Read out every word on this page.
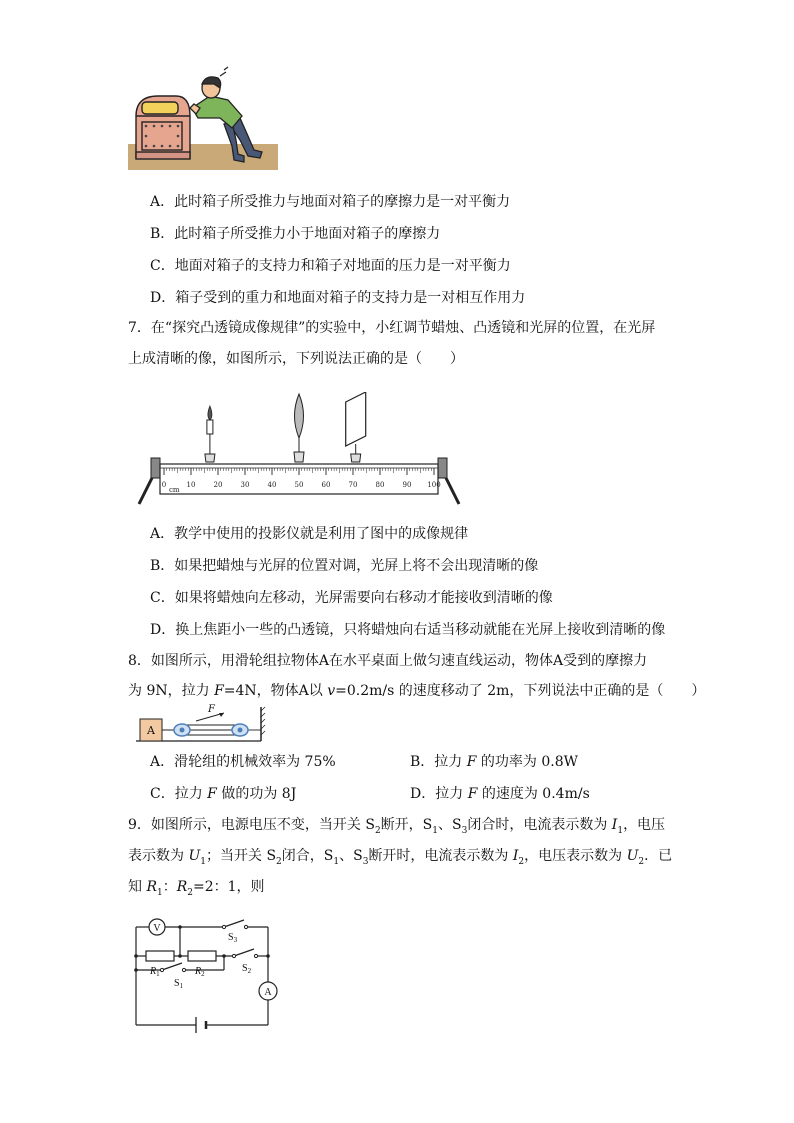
A．此时箱子所受推力与地面对箱子的摩擦力是一对平衡力
B．此时箱子所受推力小于地面对箱子的摩擦力
C．地面对箱子的支持力和箱子对地面的压力是一对平衡力
D．箱子受到的重力和地面对箱子的支持力是一对相互作用力
7．在“探究凸透镜成像规律”的实验中，小红调节蜡烛、凸透镜和光屏的位置，在光屏
上成清晰的像，如图所示，下列说法正确的是（　　）
0	10	20	30	40	50	60	70	80	90 100
cm
A．教学中使用的投影仪就是利用了图中的成像规律
B．如果把蜡烛与光屏的位置对调，光屏上将不会出现清晰的像
C．如果将蜡烛向左移动，光屏需要向右移动才能接收到清晰的像
D．换上焦距小一些的凸透镜，只将蜡烛向右适当移动就能在光屏上接收到清晰的像
8．如图所示，用滑轮组拉物体A在水平桌面上做匀速直线运动，物体A受到的摩擦力
为 9N，拉力 F=4N，物体A以 v=0.2m/s 的速度移动了 2m，下列说法中正确的是（　　）
A
F
A．滑轮组的机械效率为 75%	B．拉力 F 的功率为 0.8W
C．拉力 F 做的功为 8J	D．拉力 F 的速度为 0.4m/s
9．如图所示，电源电压不变，当开关 $S_2$断开，$S_1$、$S_3$闭合时，电流表示数为 $I_1$，电压
表示数为 $U_1$；当开关 $S_2$闭合，$S_1$、$S_3$断开时，电流表示数为 $I_2$，电压表示数为 $U_2$．已
知 $R_1$：$R_2=2$：1，则
V
A
$R_1$	$R_2$
$S_3$
$S_2$
$S_1$
